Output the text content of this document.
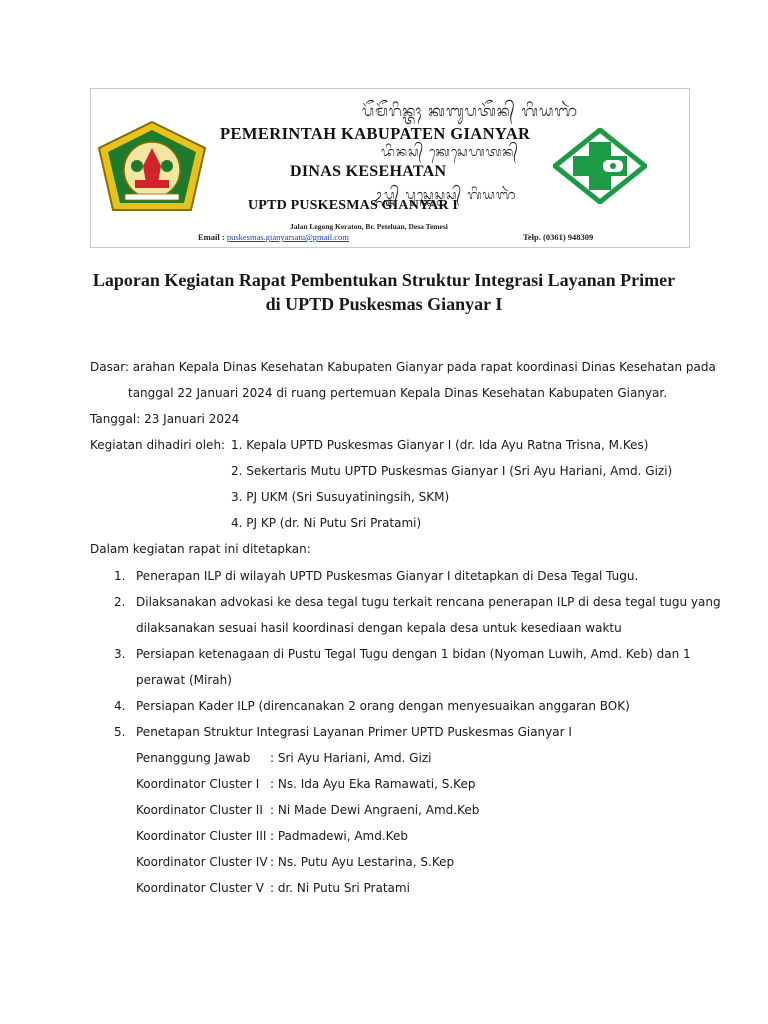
ᬧᭂᬫᭂᬭᬶᬦ᭄ᬢᬄ ᬓᬩᬸᬧᬢᭂᬦ᭄ ᬕᬶᬬᬜᬃ
PEMERINTAH KABUPATEN GIANYAR
ᬤᬶᬦᬲ᭄ ᬓᬾᬲᬾᬳᬢᬦ᭄
DINAS KESEHATAN
ᬉᬧ᭄ᬢ᭄ᬤ᭄ ᬧᬸᬲ᭄ᬓᬾᬲ᭄ᬫᬲ᭄ ᬕᬶᬬᬜᬃ
UPTD PUSKESMAS GIANYAR I
Jalan Legong Keraton, Br. Peteluan, Desa Temesi
Email : puskesmas.gianyarsatu@gmail.com	Telp. (0361) 948309
Laporan Kegiatan Rapat Pembentukan Struktur Integrasi Layanan Primer
di UPTD Puskesmas Gianyar I
Dasar: arahan Kepala Dinas Kesehatan Kabupaten Gianyar pada rapat koordinasi Dinas Kesehatan pada
tanggal 22 Januari 2024 di ruang pertemuan Kepala Dinas Kesehatan Kabupaten Gianyar.
Tanggal: 23 Januari 2024
Kegiatan dihadiri oleh: 1. Kepala UPTD Puskesmas Gianyar I (dr. Ida Ayu Ratna Trisna, M.Kes)
2. Sekertaris Mutu UPTD Puskesmas Gianyar I (Sri Ayu Hariani, Amd. Gizi)
3. PJ UKM (Sri Susuyatiningsih, SKM)
4. PJ KP (dr. Ni Putu Sri Pratami)
Dalam kegiatan rapat ini ditetapkan:
1. Penerapan ILP di wilayah UPTD Puskesmas Gianyar I ditetapkan di Desa Tegal Tugu.
2. Dilaksanakan advokasi ke desa tegal tugu terkait rencana penerapan ILP di desa tegal tugu yang
dilaksanakan sesuai hasil koordinasi dengan kepala desa untuk kesediaan waktu
3. Persiapan ketenagaan di Pustu Tegal Tugu dengan 1 bidan (Nyoman Luwih, Amd. Keb) dan 1
perawat (Mirah)
4. Persiapan Kader ILP (direncanakan 2 orang dengan menyesuaikan anggaran BOK)
5. Penetapan Struktur Integrasi Layanan Primer UPTD Puskesmas Gianyar I
Penanggung Jawab : Sri Ayu Hariani, Amd. Gizi
Koordinator Cluster I : Ns. Ida Ayu Eka Ramawati, S.Kep
Koordinator Cluster II : Ni Made Dewi Angraeni, Amd.Keb
Koordinator Cluster III : Padmadewi, Amd.Keb
Koordinator Cluster IV : Ns. Putu Ayu Lestarina, S.Kep
Koordinator Cluster V : dr. Ni Putu Sri Pratami
